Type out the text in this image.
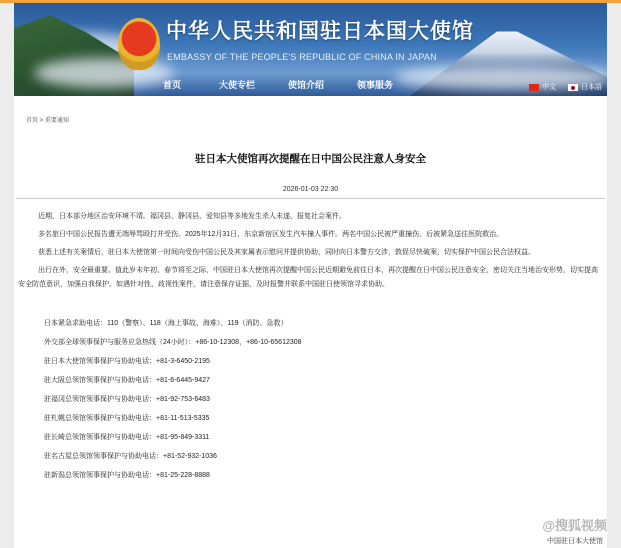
中华人民共和国驻日本国大使馆
EMBASSY OF THE PEOPLE'S REPUBLIC OF CHINA IN JAPAN
首页	大使专栏	使馆介绍	领事服务	中文	日本語
首页 > 重要通知
驻日本大使馆再次提醒在日中国公民注意人身安全
2026-01-03 22:30

近期，日本部分地区治安环境不靖。福冈县、静冈县、爱知县等多地发生杀人未遂、报复社会案件。

多名旅日中国公民报告遭无端辱骂殴打并受伤。2025年12月31日，东京新宿区发生汽车撞人事件。两名中国公民被严重撞伤，后被紧急送往医院救治。

获悉上述有关案情后，驻日本大使馆第一时间向受伤中国公民及其家属表示慰问并提供协助，同时向日本警方交涉，敦促尽快破案，切实保护中国公民合法权益。

出行在外，安全最重要。值此岁末年初、春节将至之际，中国驻日本大使馆再次提醒中国公民近期避免前往日本，再次提醒在日中国公民注意安全，密切关注当地治安形势，切实提高安全防范意识，加强自我保护。如遇针对性、歧视性案件，请注意保存证据，及时报警并联系中国驻日使领馆寻求协助。

日本紧急求助电话：110（警察）、118（海上事故、海难）、119（消防、急救）
外交部全球领事保护与服务应急热线（24小时）：+86-10-12308，+86-10-65612308
驻日本大使馆领事保护与协助电话：+81-3-6450-2195
驻大阪总领馆领事保护与协助电话：+81-6-6445-9427
驻福冈总领馆领事保护与协助电话：+81-92-753-6483
驻札幌总领馆领事保护与协助电话：+81-11-513-5335
驻长崎总领馆领事保护与协助电话：+81-95-849-3311
驻名古屋总领馆领事保护与协助电话：+81-52-932-1036
驻新潟总领馆领事保护与协助电话：+81-25-228-8888
@搜狐视频
中国驻日本大使馆
